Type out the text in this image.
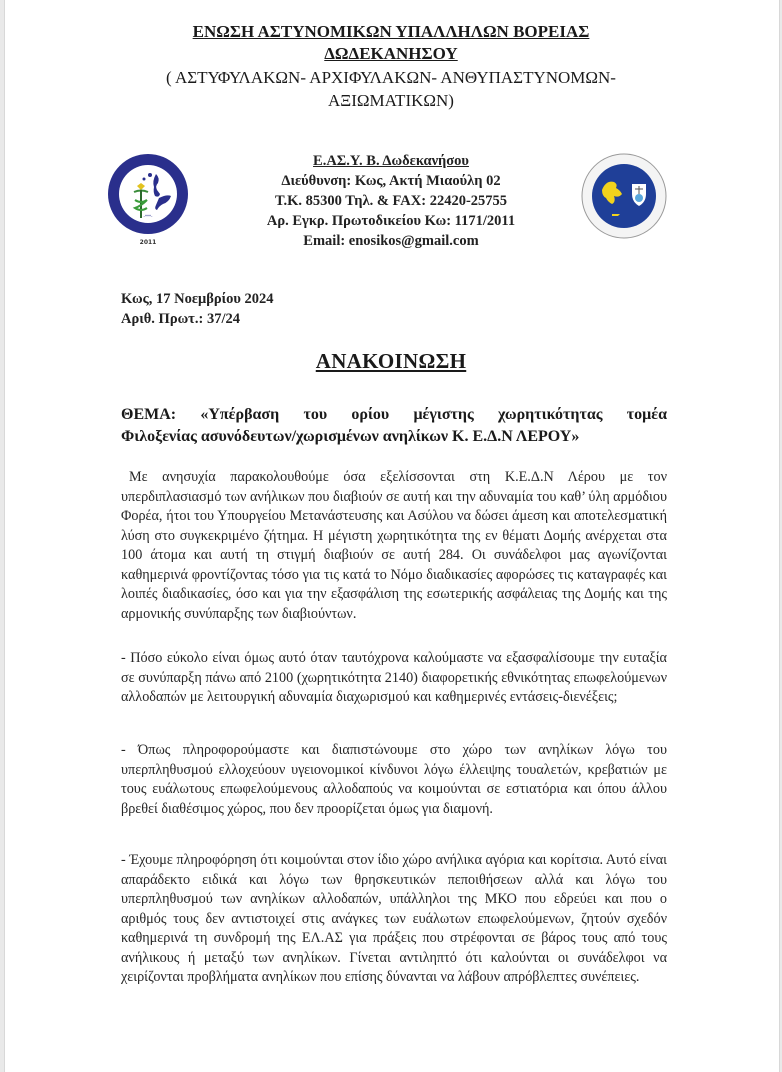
ΕΝΩΣΗ ΑΣΤΥΝΟΜΙΚΩΝ ΥΠΑΛΛΗΛΩΝ ΒΟΡΕΙΑΣ
ΔΩΔΕΚΑΝΗΣΟΥ
( ΑΣΤΥΦΥΛΑΚΩΝ- ΑΡΧΙΦΥΛΑΚΩΝ- ΑΝΘΥΠΑΣΤΥΝΟΜΩΝ-
ΑΞΙΩΜΑΤΙΚΩΝ)
-***-
2011
Ε.ΑΣ.Υ. Β. Δωδεκανήσου
Διεύθυνση: Κως, Ακτή Μιαούλη 02
Τ.Κ. 85300 Τηλ. & FAX: 22420-25755
Αρ. Εγκρ. Πρωτοδικείου Κω: 1171/2011
Email: enosikos@gmail.com
Κως, 17 Νοεμβρίου 2024
Αριθ. Πρωτ.: 37/24
ΑΝΑΚΟΙΝΩΣΗ
ΘΕΜΑ: «Υπέρβαση του ορίου μέγιστης χωρητικότητας τομέα
Φιλοξενίας ασυνόδευτων/χωρισμένων ανηλίκων Κ. Ε.Δ.Ν ΛΕΡΟΥ»

Με ανησυχία παρακολουθούμε όσα εξελίσσονται στη Κ.Ε.Δ.Ν Λέρου με τον υπερδιπλασιασμό των ανήλικων που διαβιούν σε αυτή και την αδυναμία του καθ’ ύλη αρμόδιου Φορέα, ήτοι του Υπουργείου Μετανάστευσης και Ασύλου να δώσει άμεση και αποτελεσματική λύση στο συγκεκριμένο ζήτημα. Η μέγιστη χωρητικότητα της εν θέματι Δομής ανέρχεται στα 100 άτομα και αυτή τη στιγμή διαβιούν σε αυτή 284. Οι συνάδελφοι μας αγωνίζονται καθημερινά φροντίζοντας τόσο για τις κατά το Νόμο διαδικασίες αφορώσες τις καταγραφές και λοιπές διαδικασίες, όσο και για την εξασφάλιση της εσωτερικής ασφάλειας της Δομής και της αρμονικής συνύπαρξης των διαβιούντων.

- Πόσο εύκολο είναι όμως αυτό όταν ταυτόχρονα καλούμαστε να εξασφαλίσουμε την ευταξία σε συνύπαρξη πάνω από 2100 (χωρητικότητα 2140) διαφορετικής εθνικότητας επωφελούμενων αλλοδαπών με λειτουργική αδυναμία διαχωρισμού και καθημερινές εντάσεις-διενέξεις;

- Όπως πληροφορούμαστε και διαπιστώνουμε στο χώρο των ανηλίκων λόγω του υπερπληθυσμού ελλοχεύουν υγειονομικοί κίνδυνοι λόγω έλλειψης τουαλετών, κρεβατιών με τους ευάλωτους επωφελούμενους αλλοδαπούς να κοιμούνται σε εστιατόρια και όπου άλλου βρεθεί διαθέσιμος χώρος, που δεν προορίζεται όμως για διαμονή.

- Έχουμε πληροφόρηση ότι κοιμούνται στον ίδιο χώρο ανήλικα αγόρια και κορίτσια. Αυτό είναι απαράδεκτο ειδικά και λόγω των θρησκευτικών πεποιθήσεων αλλά και λόγω του υπερπληθυσμού των ανηλίκων αλλοδαπών, υπάλληλοι της ΜΚΟ που εδρεύει και που ο αριθμός τους δεν αντιστοιχεί στις ανάγκες των ευάλωτων επωφελούμενων, ζητούν σχεδόν καθημερινά τη συνδρομή της ΕΛ.ΑΣ για πράξεις που στρέφονται σε βάρος τους από τους ανήλικους ή μεταξύ των ανηλίκων. Γίνεται αντιληπτό ότι καλούνται οι συνάδελφοι να χειρίζονται προβλήματα ανηλίκων που επίσης δύνανται να λάβουν απρόβλεπτες συνέπειες.
